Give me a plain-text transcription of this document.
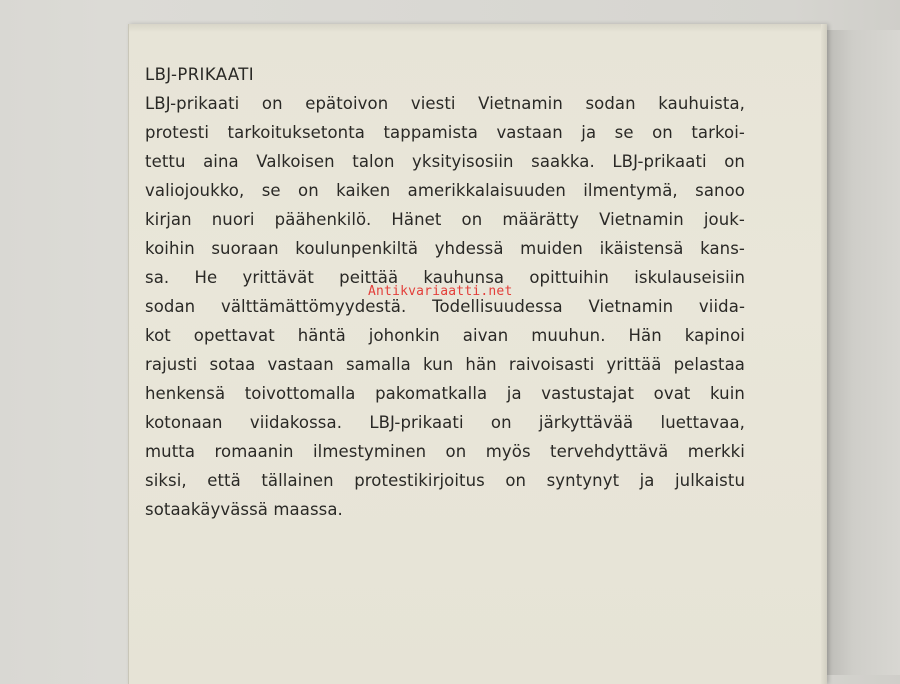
LBJ-PRIKAATI
LBJ-prikaati on epätoivon viesti Vietnamin sodan kauhuista,
protesti tarkoituksetonta tappamista vastaan ja se on tarkoi-
tettu aina Valkoisen talon yksityisosiin saakka. LBJ-prikaati on
valiojoukko, se on kaiken amerikkalaisuuden ilmentymä, sanoo
kirjan nuori päähenkilö. Hänet on määrätty Vietnamin jouk-
koihin suoraan koulunpenkiltä yhdessä muiden ikäistensä kans-
sa. He yrittävät peittää kauhunsa opittuihin iskulauseisiin
sodan välttämättömyydestä. Todellisuudessa Vietnamin viida-
kot opettavat häntä johonkin aivan muuhun. Hän kapinoi
rajusti sotaa vastaan samalla kun hän raivoisasti yrittää pelastaa
henkensä toivottomalla pakomatkalla ja vastustajat ovat kuin
kotonaan viidakossa. LBJ-prikaati on järkyttävää luettavaa,
mutta romaanin ilmestyminen on myös tervehdyttävä merkki
siksi, että tällainen protestikirjoitus on syntynyt ja julkaistu
sotaakäyvässä maassa.
Antikvariaatti.net
